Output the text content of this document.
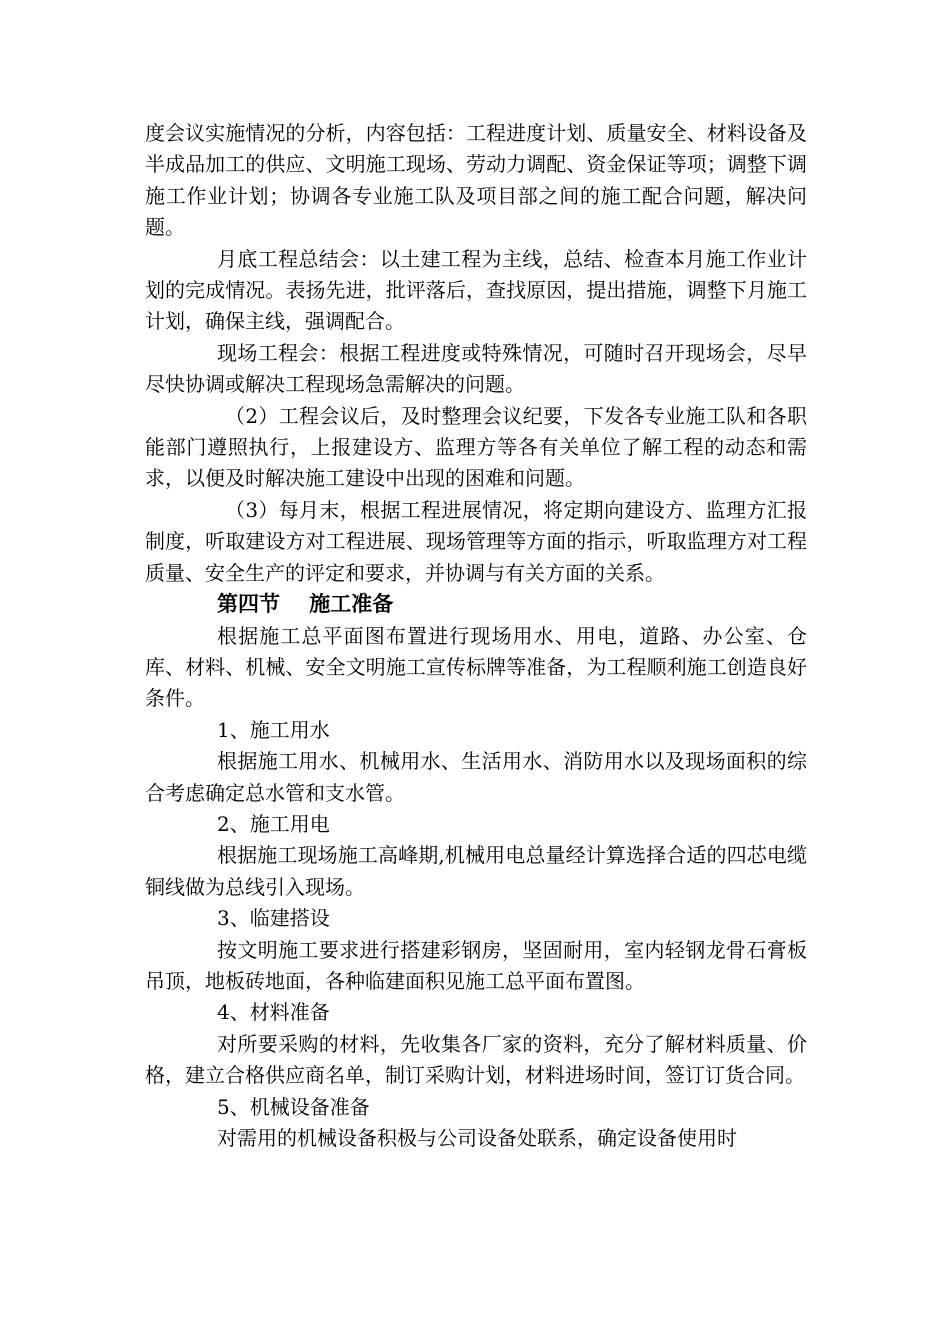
度会议实施情况的分析，内容包括：工程进度计划、质量安全、材料设备及半成品加工的供应、文明施工现场、劳动力调配、资金保证等项；调整下调施工作业计划；协调各专业施工队及项目部之间的施工配合问题，解决问题。

月底工程总结会：以土建工程为主线，总结、检查本月施工作业计划的完成情况。表扬先进，批评落后，查找原因，提出措施，调整下月施工计划，确保主线，强调配合。

现场工程会：根据工程进度或特殊情况，可随时召开现场会，尽早尽快协调或解决工程现场急需解决的问题。

（2）工程会议后，及时整理会议纪要，下发各专业施工队和各职能部门遵照执行，上报建设方、监理方等各有关单位了解工程的动态和需求，以便及时解决施工建设中出现的困难和问题。

（3）每月末，根据工程进展情况，将定期向建设方、监理方汇报制度，听取建设方对工程进展、现场管理等方面的指示，听取监理方对工程质量、安全生产的评定和要求，并协调与有关方面的关系。

第四节    施工准备

根据施工总平面图布置进行现场用水、用电，道路、办公室、仓库、材料、机械、安全文明施工宣传标牌等准备，为工程顺利施工创造良好条件。

1、施工用水

根据施工用水、机械用水、生活用水、消防用水以及现场面积的综合考虑确定总水管和支水管。

2、施工用电

根据施工现场施工高峰期,机械用电总量经计算选择合适的四芯电缆铜线做为总线引入现场。

3、临建搭设

按文明施工要求进行搭建彩钢房，坚固耐用，室内轻钢龙骨石膏板吊顶，地板砖地面，各种临建面积见施工总平面布置图。

4、材料准备

对所要采购的材料，先收集各厂家的资料，充分了解材料质量、价格，建立合格供应商名单，制订采购计划，材料进场时间，签订订货合同。

5、机械设备准备

对需用的机械设备积极与公司设备处联系，确定设备使用时
